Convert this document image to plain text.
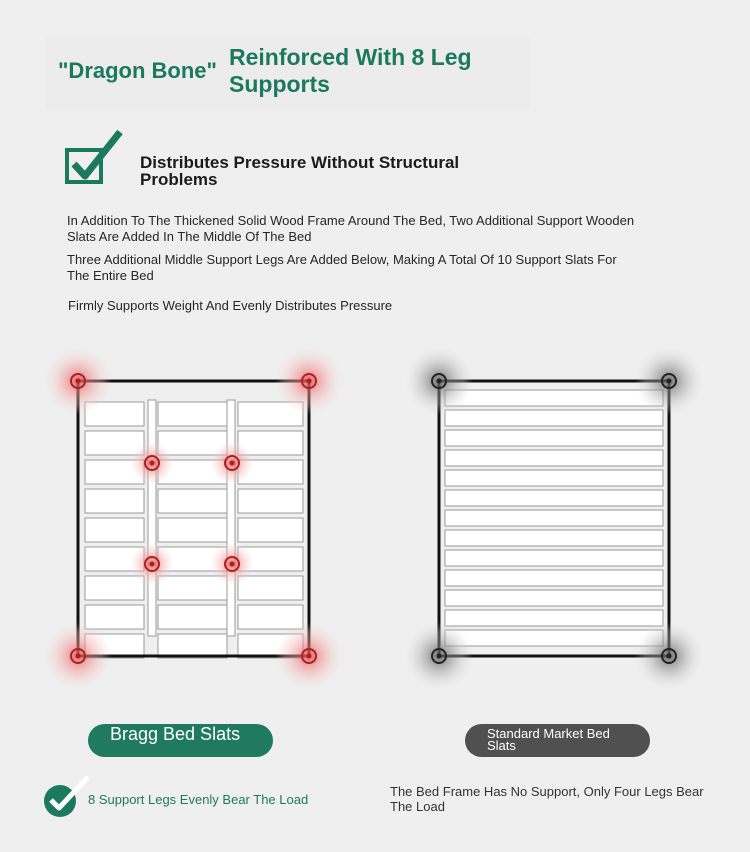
"Dragon Bone"
Reinforced With 8 Leg Supports
Distributes Pressure Without Structural Problems
In Addition To The Thickened Solid Wood Frame Around The Bed, Two Additional Support Wooden Slats Are Added In The Middle Of The Bed
Three Additional Middle Support Legs Are Added Below, Making A Total Of 10 Support Slats For The Entire Bed
Firmly Supports Weight And Evenly Distributes Pressure
Bragg Bed Slats	Standard Market Bed Slats
8 Support Legs Evenly Bear The Load
The Bed Frame Has No Support, Only Four Legs Bear The Load
